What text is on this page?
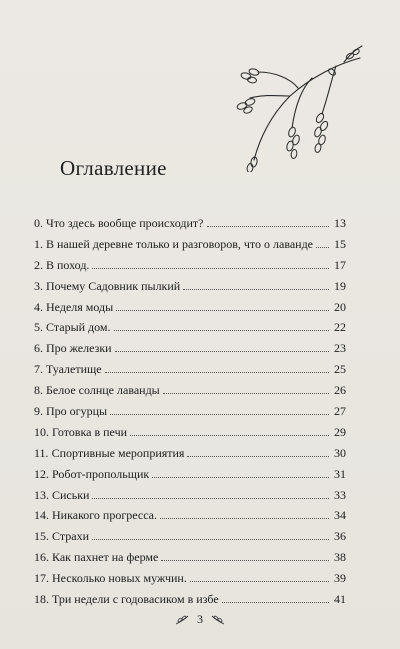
Оглавление
0. Что здесь вообще происходит?	13
1. В нашей деревне только и разговоров, что о лаванде 15
2. В поход.	17
3. Почему Садовник пылкий	19
4. Неделя моды	20
5. Старый дом.	22
6. Про железки	23
7. Туалетище	25
8. Белое солнце лаванды	26
9. Про огурцы	27
10. Готовка в печи	29
11. Спортивные мероприятия	30
12. Робот-пропольщик	31
13. Сиськи	33
14. Никакого прогресса.	34
15. Страхи	36
16. Как пахнет на ферме	38
17. Несколько новых мужчин.	39
18. Три недели с годовасиком в избе	41
3
